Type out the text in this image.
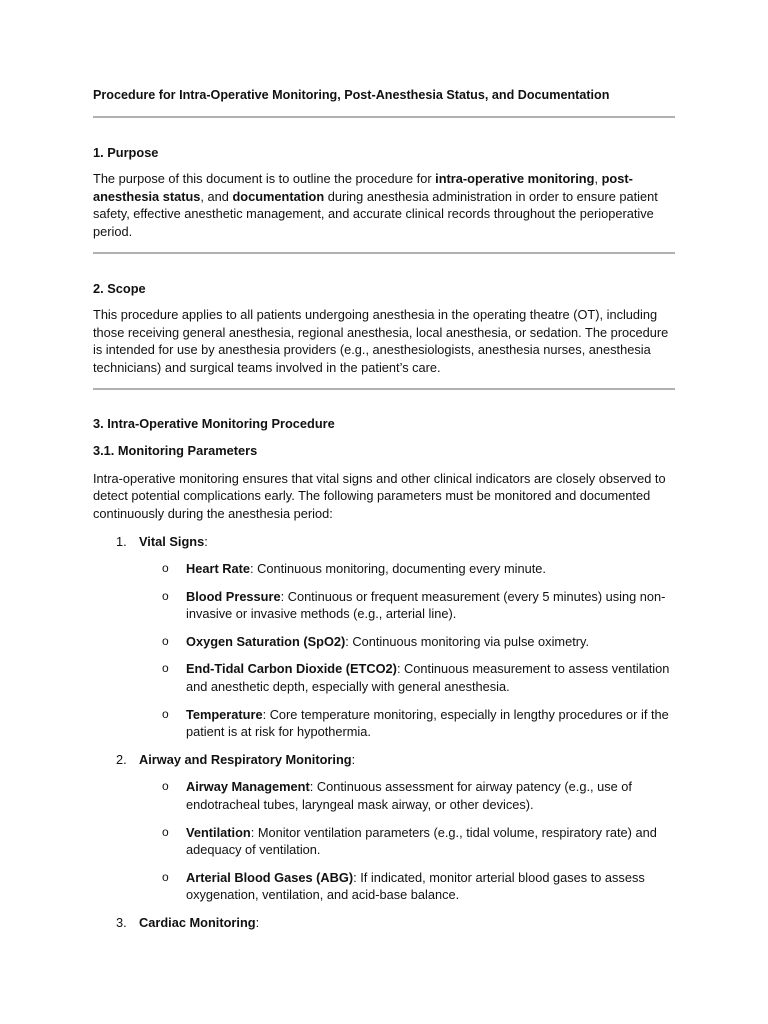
Procedure for Intra-Operative Monitoring, Post-Anesthesia Status, and Documentation

1. Purpose

The purpose of this document is to outline the procedure for intra-operative monitoring, post-anesthesia status, and documentation during anesthesia administration in order to ensure patient safety, effective anesthetic management, and accurate clinical records throughout the perioperative period.

2. Scope

This procedure applies to all patients undergoing anesthesia in the operating theatre (OT), including those receiving general anesthesia, regional anesthesia, local anesthesia, or sedation. The procedure is intended for use by anesthesia providers (e.g., anesthesiologists, anesthesia nurses, anesthesia technicians) and surgical teams involved in the patient’s care.

3. Intra-Operative Monitoring Procedure

3.1. Monitoring Parameters

Intra-operative monitoring ensures that vital signs and other clinical indicators are closely observed to detect potential complications early. The following parameters must be monitored and documented continuously during the anesthesia period:

1. Vital Signs:
o Heart Rate: Continuous monitoring, documenting every minute.
o Blood Pressure: Continuous or frequent measurement (every 5 minutes) using non-invasive or invasive methods (e.g., arterial line).
o Oxygen Saturation (SpO2): Continuous monitoring via pulse oximetry.
o End-Tidal Carbon Dioxide (ETCO2): Continuous measurement to assess ventilation and anesthetic depth, especially with general anesthesia.
o Temperature: Core temperature monitoring, especially in lengthy procedures or if the patient is at risk for hypothermia.
2. Airway and Respiratory Monitoring:
o Airway Management: Continuous assessment for airway patency (e.g., use of endotracheal tubes, laryngeal mask airway, or other devices).
o Ventilation: Monitor ventilation parameters (e.g., tidal volume, respiratory rate) and adequacy of ventilation.
o Arterial Blood Gases (ABG): If indicated, monitor arterial blood gases to assess oxygenation, ventilation, and acid-base balance.
3. Cardiac Monitoring:
